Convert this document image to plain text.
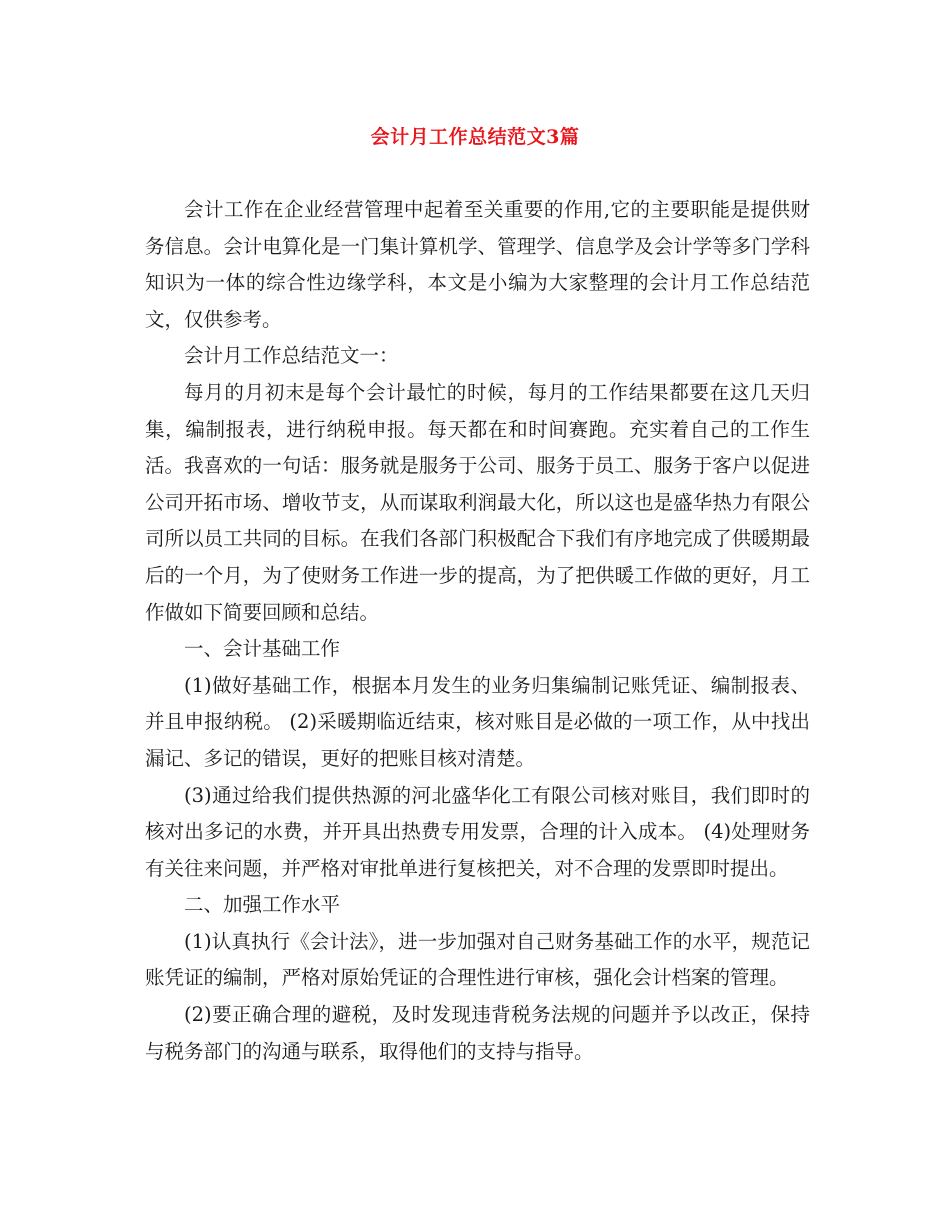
会计月工作总结范文3篇

会计工作在企业经营管理中起着至关重要的作用,它的主要职能是提供财务信息。会计电算化是一门集计算机学、管理学、信息学及会计学等多门学科知识为一体的综合性边缘学科，本文是小编为大家整理的会计月工作总结范文，仅供参考。

会计月工作总结范文一：

每月的月初末是每个会计最忙的时候，每月的工作结果都要在这几天归集，编制报表，进行纳税申报。每天都在和时间赛跑。充实着自己的工作生活。我喜欢的一句话：服务就是服务于公司、服务于员工、服务于客户以促进公司开拓市场、增收节支，从而谋取利润最大化，所以这也是盛华热力有限公司所以员工共同的目标。在我们各部门积极配合下我们有序地完成了供暖期最后的一个月，为了使财务工作进一步的提高，为了把供暖工作做的更好，月工作做如下简要回顾和总结。

一、会计基础工作

(1)做好基础工作，根据本月发生的业务归集编制记账凭证、编制报表、并且申报纳税。 (2)采暖期临近结束，核对账目是必做的一项工作，从中找出漏记、多记的错误，更好的把账目核对清楚。

(3)通过给我们提供热源的河北盛华化工有限公司核对账目，我们即时的核对出多记的水费，并开具出热费专用发票，合理的计入成本。 (4)处理财务有关往来问题，并严格对审批单进行复核把关，对不合理的发票即时提出。

二、加强工作水平

(1)认真执行《会计法》，进一步加强对自己财务基础工作的水平，规范记账凭证的编制，严格对原始凭证的合理性进行审核，强化会计档案的管理。

(2)要正确合理的避税，及时发现违背税务法规的问题并予以改正，保持与税务部门的沟通与联系，取得他们的支持与指导。
